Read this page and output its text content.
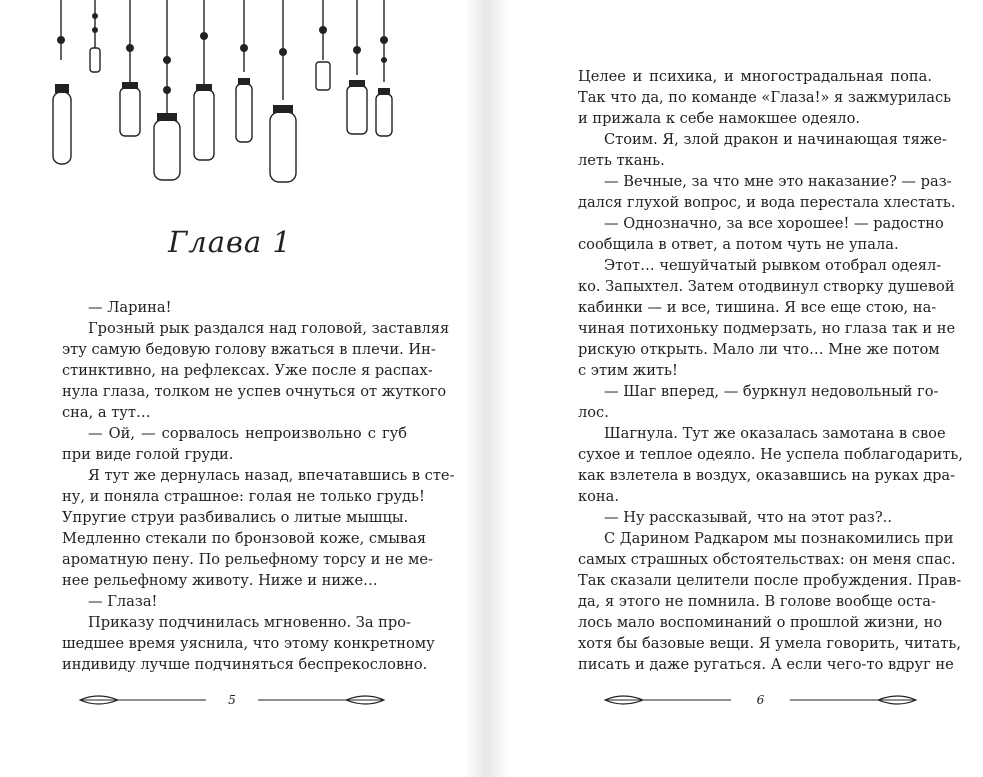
Глава 1
— Ларина!
Грозный рык раздался над головой, заставляя
эту самую бедовую голову вжаться в плечи. Ин-
стинктивно, на рефлексах. Уже после я распах-
нула глаза, толком не успев очнуться от жуткого
сна, а тут…
— Ой, — сорвалось непроизвольно с губ
при виде голой груди.
Я тут же дернулась назад, впечатавшись в сте-
ну, и поняла страшное: голая не только грудь!
Упругие струи разбивались о литые мышцы.
Медленно стекали по бронзовой коже, смывая
ароматную пену. По рельефному торсу и не ме-
нее рельефному животу. Ниже и ниже…
— Глаза!
Приказу подчинилась мгновенно. За про-
шедшее время уяснила, что этому конкретному
индивиду лучше подчиняться беспрекословно.
5
Целее и психика, и многострадальная попа.
Так что да, по команде «Глаза!» я зажмурилась
и прижала к себе намокшее одеяло.
Стоим. Я, злой дракон и начинающая тяже-
леть ткань.
— Вечные, за что мне это наказание? — раз-
дался глухой вопрос, и вода перестала хлестать.
— Однозначно, за все хорошее! — радостно
сообщила в ответ, а потом чуть не упала.
Этот… чешуйчатый рывком отобрал одеял-
ко. Запыхтел. Затем отодвинул створку душевой
кабинки — и все, тишина. Я все еще стою, на-
чиная потихоньку подмерзать, но глаза так и не
рискую открыть. Мало ли что… Мне же потом
с этим жить!
— Шаг вперед, — буркнул недовольный го-
лос.
Шагнула. Тут же оказалась замотана в свое
сухое и теплое одеяло. Не успела поблагодарить,
как взлетела в воздух, оказавшись на руках дра-
кона.
— Ну рассказывай, что на этот раз?..
С Дарином Радкаром мы познакомились при
самых страшных обстоятельствах: он меня спас.
Так сказали целители после пробуждения. Прав-
да, я этого не помнила. В голове вообще оста-
лось мало воспоминаний о прошлой жизни, но
хотя бы базовые вещи. Я умела говорить, читать,
писать и даже ругаться. А если чего-то вдруг не
6
